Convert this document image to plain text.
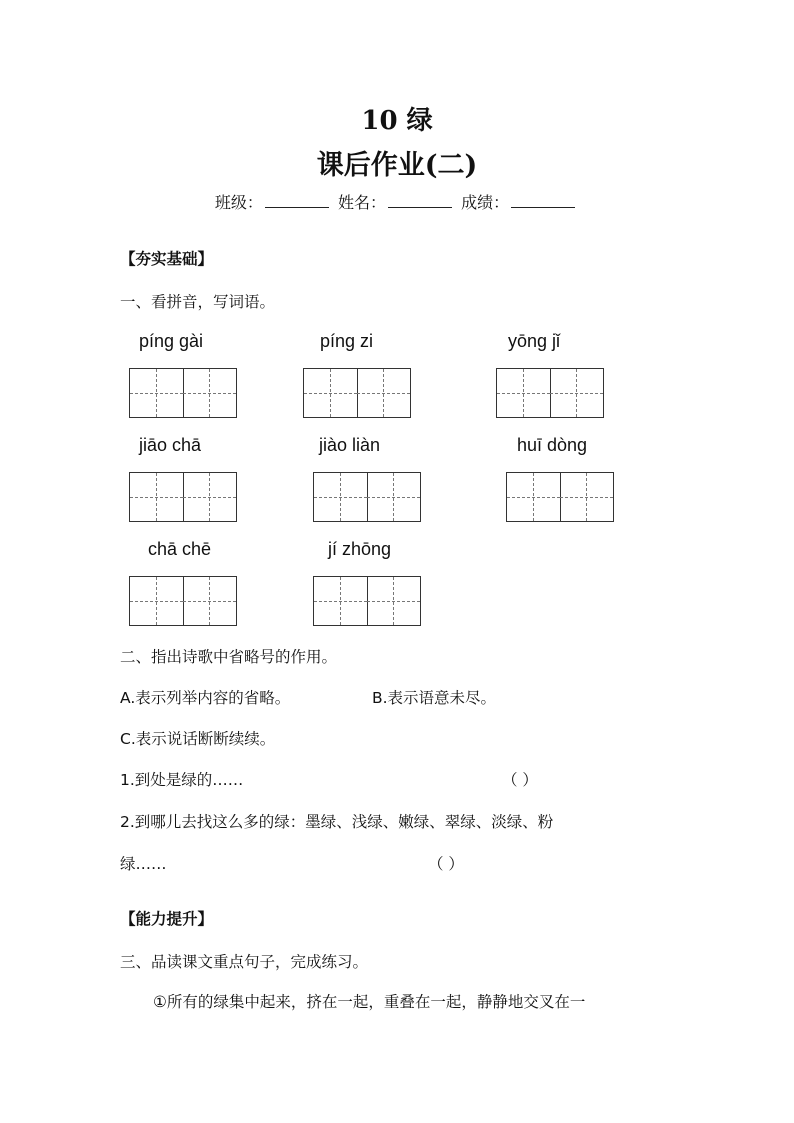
10 绿
课后作业(二)
班级：	姓名：	成绩：
【夯实基础】
一、看拼音，写词语。
píng gài	píng zi	yōng jǐ
jiāo chā	jiào liàn	huī dòng
chā chē	jí zhōng
二、指出诗歌中省略号的作用。
A.表示列举内容的省略。	B.表示语意未尽。
C.表示说话断断续续。
1.到处是绿的……	（ ）
2.到哪儿去找这么多的绿：墨绿、浅绿、嫩绿、翠绿、淡绿、粉
绿……	（ ）
【能力提升】
三、品读课文重点句子，完成练习。
①所有的绿集中起来，挤在一起，重叠在一起，静静地交叉在一
